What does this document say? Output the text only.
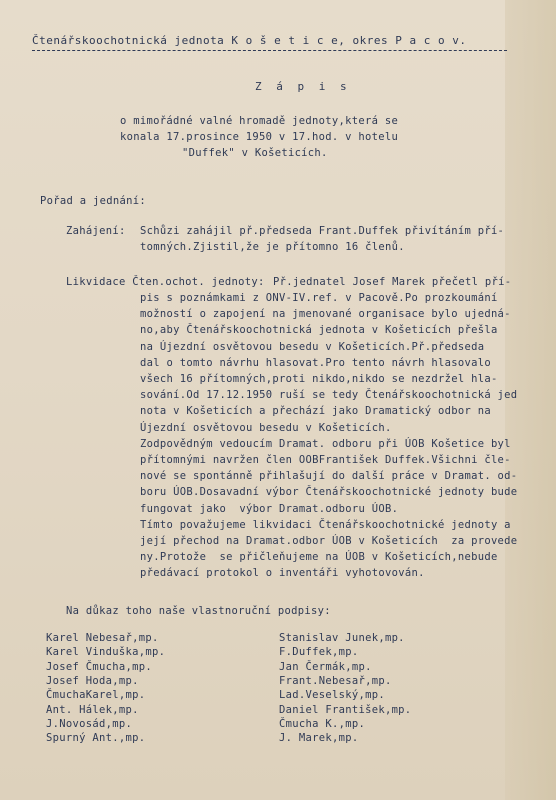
Čtenářskoochotnická jednota K o š e t i c e, okres P a c o v.
Z á p i s
o mimořádné valné hromadě jednoty,která se
konala 17.prosince 1950 v 17.hod. v hotelu
"Duffek" v Košeticích.
Pořad a jednání:
Zahájení: Schůzi zahájil př.předseda Frant.Duffek přivítáním pří-
tomných.Zjistil,že je přítomno 16 členů.
Likvidace Čten.ochot. jednoty: Př.jednatel Josef Marek přečetl pří-
pis s poznámkami z ONV-IV.ref. v Pacově.Po prozkoumání
možností o zapojení na jmenované organisace bylo ujedná-
no,aby Čtenářskoochotnická jednota v Košeticích přešla
na Újezdní osvětovou besedu v Košeticích.Př.předseda
dal o tomto návrhu hlasovat.Pro tento návrh hlasovalo
všech 16 přítomných,proti nikdo,nikdo se nezdržel hla-
sování.Od 17.12.1950 ruší se tedy Čtenářskoochotnická jed
nota v Košeticích a přechází jako Dramatický odbor na
Újezdní osvětovou besedu v Košeticích.
Zodpovědným vedoucím Dramat. odboru při ÚOB Košetice byl
přítomnými navržen člen OOBFrantišek Duffek.Všichni čle-
nové se spontánně přihlašují do další práce v Dramat. od-
boru ÚOB.Dosavadní výbor Čtenářskoochotnické jednoty bude
fungovat jako  výbor Dramat.odboru ÚOB.
Tímto považujeme likvidaci Čtenářskoochotnické jednoty a
její přechod na Dramat.odbor ÚOB v Košeticích  za provede
ny.Protože  se přičleňujeme na ÚOB v Košeticích,nebude
předávací protokol o inventáři vyhotovován.
Na důkaz toho naše vlastnoruční podpisy:
Karel Nebesař,mp.
Karel Vinduška,mp.
Josef Čmucha,mp.
Josef Hoda,mp.
ČmuchaKarel,mp.
Ant. Hálek,mp.
J.Novosád,mp.
Spurný Ant.,mp.
Stanislav Junek,mp.
F.Duffek,mp.
Jan Čermák,mp.
Frant.Nebesař,mp.
Lad.Veselský,mp.
Daniel František,mp.
Čmucha K.,mp.
J. Marek,mp.
